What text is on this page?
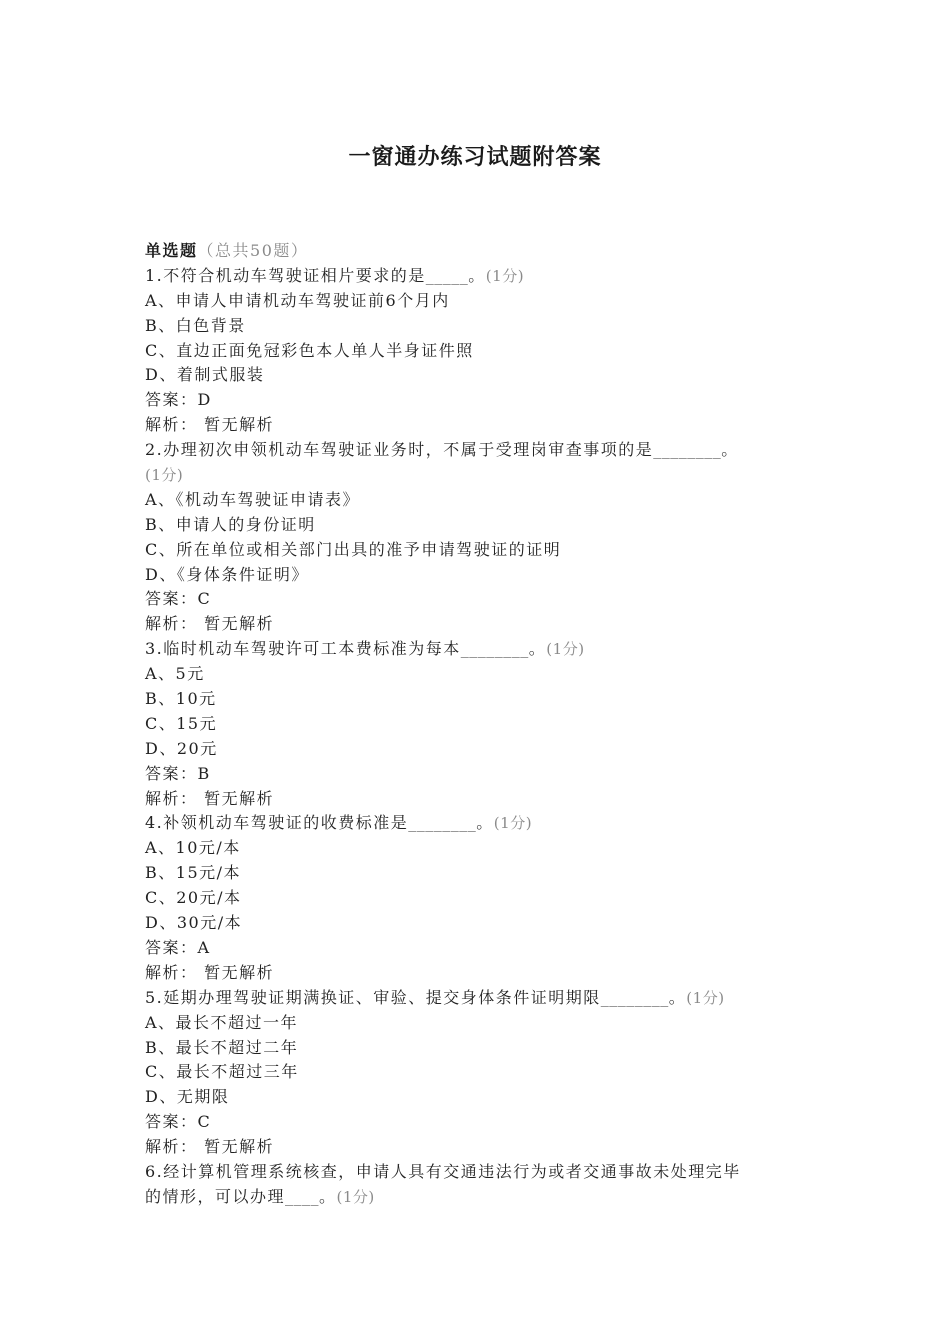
一窗通办练习试题附答案
单选题（总共50题）
1.不符合机动车驾驶证相片要求的是_____。(1分)
A、申请人申请机动车驾驶证前6个月内
B、白色背景
C、直边正面免冠彩色本人单人半身证件照
D、着制式服装
答案：D
解析： 暂无解析
2.办理初次申领机动车驾驶证业务时，不属于受理岗审查事项的是________。
(1分)
A、《机动车驾驶证申请表》
B、申请人的身份证明
C、所在单位或相关部门出具的准予申请驾驶证的证明
D、《身体条件证明》
答案：C
解析： 暂无解析
3.临时机动车驾驶许可工本费标准为每本________。(1分)
A、5元
B、10元
C、15元
D、20元
答案：B
解析： 暂无解析
4.补领机动车驾驶证的收费标准是________。(1分)
A、10元/本
B、15元/本
C、20元/本
D、30元/本
答案：A
解析： 暂无解析
5.延期办理驾驶证期满换证、审验、提交身体条件证明期限________。(1分)
A、最长不超过一年
B、最长不超过二年
C、最长不超过三年
D、无期限
答案：C
解析： 暂无解析
6.经计算机管理系统核查，申请人具有交通违法行为或者交通事故未处理完毕
的情形，可以办理____。(1分)
